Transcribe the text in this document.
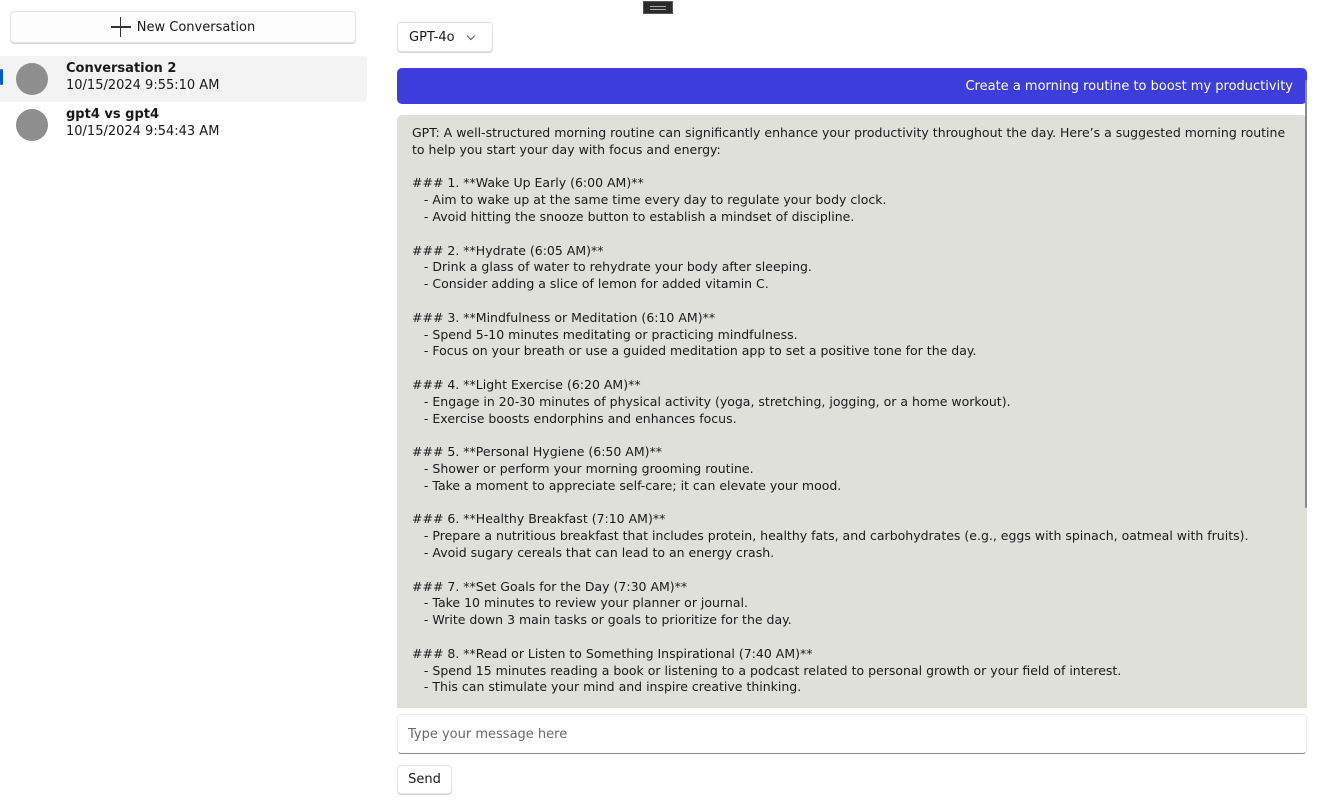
New Conversation
Conversation 2
10/15/2024 9:55:10 AM
gpt4 vs gpt4
10/15/2024 9:54:43 AM
GPT-4o
Create a morning routine to boost my productivity
GPT: A well-structured morning routine can significantly enhance your productivity throughout the day. Here’s a suggested morning routine to help you start your day with focus and energy:

### 1. **Wake Up Early (6:00 AM)**
- Aim to wake up at the same time every day to regulate your body clock.
- Avoid hitting the snooze button to establish a mindset of discipline.

### 2. **Hydrate (6:05 AM)**
- Drink a glass of water to rehydrate your body after sleeping.
- Consider adding a slice of lemon for added vitamin C.

### 3. **Mindfulness or Meditation (6:10 AM)**
- Spend 5-10 minutes meditating or practicing mindfulness.
- Focus on your breath or use a guided meditation app to set a positive tone for the day.

### 4. **Light Exercise (6:20 AM)**
- Engage in 20-30 minutes of physical activity (yoga, stretching, jogging, or a home workout).
- Exercise boosts endorphins and enhances focus.

### 5. **Personal Hygiene (6:50 AM)**
- Shower or perform your morning grooming routine.
- Take a moment to appreciate self-care; it can elevate your mood.

### 6. **Healthy Breakfast (7:10 AM)**
- Prepare a nutritious breakfast that includes protein, healthy fats, and carbohydrates (e.g., eggs with spinach, oatmeal with fruits).
- Avoid sugary cereals that can lead to an energy crash.

### 7. **Set Goals for the Day (7:30 AM)**
- Take 10 minutes to review your planner or journal.
- Write down 3 main tasks or goals to prioritize for the day.

### 8. **Read or Listen to Something Inspirational (7:40 AM)**
- Spend 15 minutes reading a book or listening to a podcast related to personal growth or your field of interest.
- This can stimulate your mind and inspire creative thinking.
Type your message here
Send
